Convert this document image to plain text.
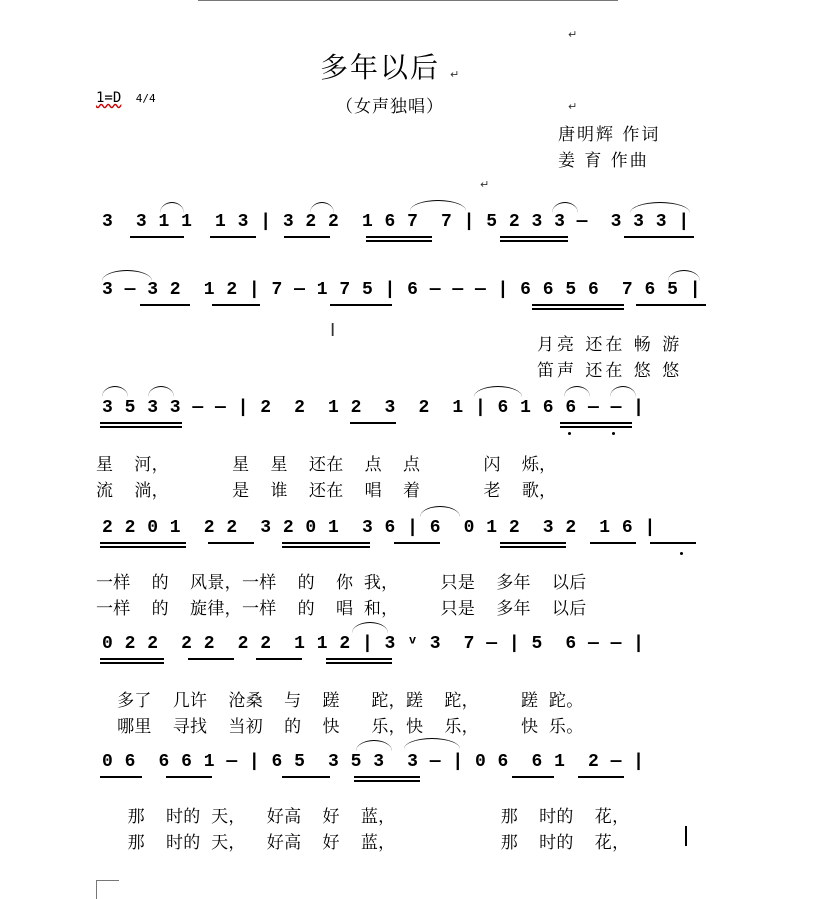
多年以后 ↵
↵
（女声独唱）	↵
1=D 4/4
唐明辉 作词
姜 育 作曲
↵
3  3 1 1  1 3 | 3 2 2  1 6 7  7 | 5 2 3 3 —  3 3 3 |
3 — 3 2  1 2 | 7 — 1 7 5 | 6 — — — | 6 6 5 6  7 6 5 |
I
月亮 还在 畅 游
笛声 还在 悠 悠
3 5 3 3 — — | 2  2  1 2  3  2  1 | 6 1 6 6 — — |
星  河，      星  星  还在  点  点      闪  烁，
流  淌，      是  谁  还在  唱  着      老  歌，
2 2 0 1  2 2  3 2 0 1  3 6 | 6  0 1 2  3 2  1 6 |
一样  的  风景，一样  的  你 我，    只是  多年  以后
一样  的  旋律，一样  的  唱 和，    只是  多年  以后
0 2 2  2 2  2 2  1 1 2 | 3 ᵛ 3  7 — | 5  6 — — |
多了  几许  沧桑  与  蹉   跎，蹉  跎，    蹉 跎。
哪里  寻找  当初  的  快   乐，快  乐，    快 乐。
0 6  6 6 1 — | 6 5  3 5 3  3 — | 0 6  6 1  2 — |
那  时的 天，  好高  好  蓝，          那  时的  花，
那  时的 天，  好高  好  蓝，          那  时的  花，
